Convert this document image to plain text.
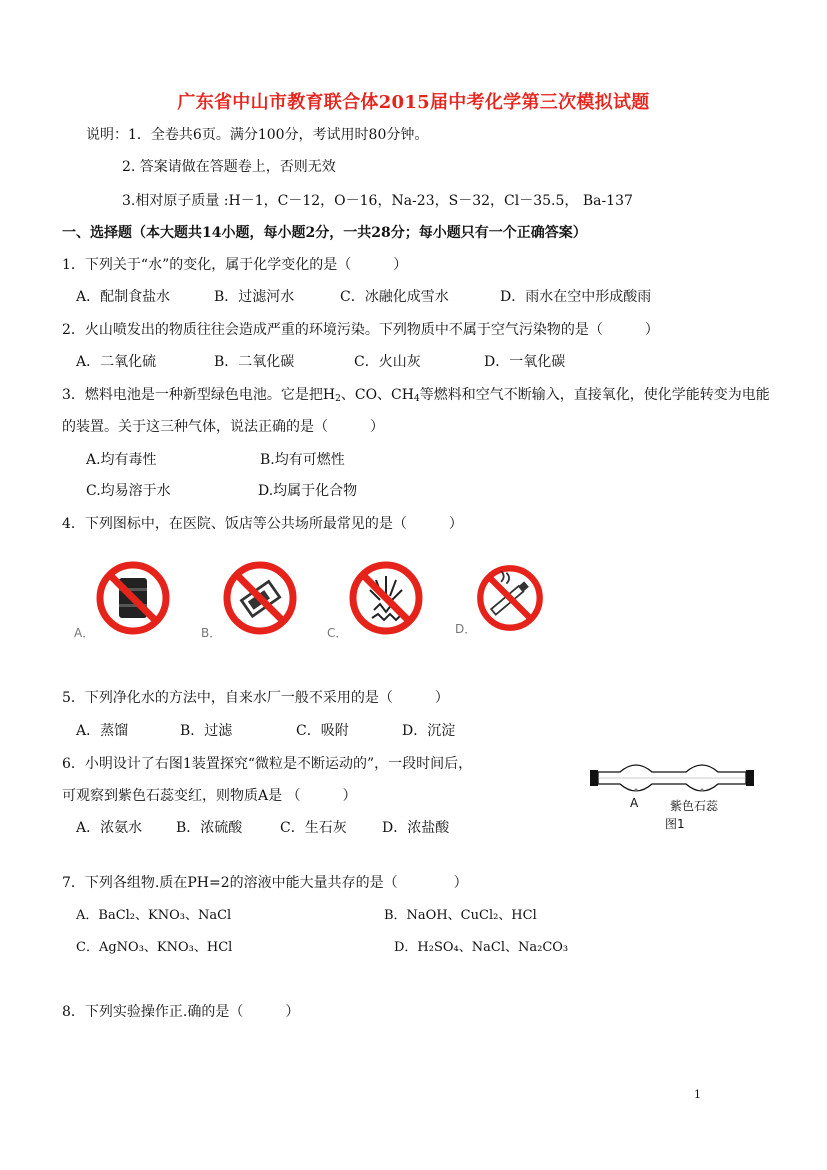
广东省中山市教育联合体2015届中考化学第三次模拟试题
说明：1．全卷共6页。满分100分，考试用时80分钟。
2. 答案请做在答题卷上，否则无效
3.相对原子质量 :H－1，C－12，O－16，Na-23，S－32，Cl－35.5， Ba-137
一、选择题（本大题共14小题，每小题2分，一共28分；每小题只有一个正确答案）
1．下列关于“水”的变化，属于化学变化的是（　　　）
A．配制食盐水	B．过滤河水	C．冰融化成雪水	D．雨水在空中形成酸雨
2．火山喷发出的物质往往会造成严重的环境污染。下列物质中不属于空气污染物的是（　　　）
A．二氧化硫	B．二氧化碳	C．火山灰	D．一氧化碳
3．燃料电池是一种新型绿色电池。它是把$H_2$、CO、$CH_4$等燃料和空气不断输入，直接氧化，使化学能转变为电能
的装置。关于这三种气体，说法正确的是（　　　）
A.均有毒性	B.均有可燃性
C.均易溶于水	D.均属于化合物
4．下列图标中，在医院、饭店等公共场所最常见的是（　　　）
A．	B．	C．	D．
5．下列净化水的方法中，自来水厂一般不采用的是（　　　）
A．蒸馏	B．过滤	C．吸附	D．沉淀
6．小明设计了右图1装置探究“微粒是不断运动的”，一段时间后，
可观察到紫色石蕊变红，则物质A是 （　　　）
A．浓氨水 B．浓硫酸	C．生石灰	D．浓盐酸
A	紫色石蕊
图1
7．下列各组物.质在PH=2的溶液中能大量共存的是（　　　　）
A．BaCl₂、KNO₃、NaCl	B．NaOH、CuCl₂、HCl
C．AgNO₃、KNO₃、HCl	D．H₂SO₄、NaCl、Na₂CO₃
8．下列实验操作正.确的是（　　　）
1
